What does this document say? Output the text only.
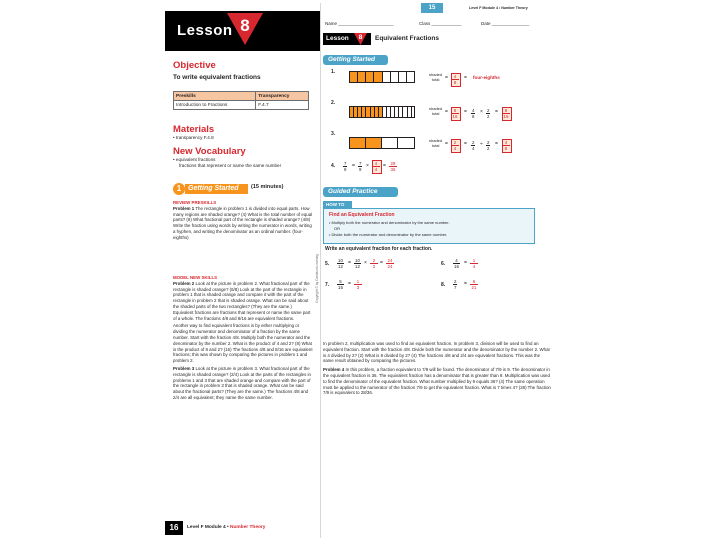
Lesson 8
Objective
To write equivalent fractions
Preskills	Transparency
Introduction to Fractions	F.4.7
Materials
• transparency F.4.8
New Vocabulary
• equivalent fractions
fractions that represent or name the same number
1 Getting Started	(15 minutes)
REVIEW PRESKILLS
Problem 1 The rectangle in problem 1 is divided into equal parts. How many regions are shaded orange? (4) What is the total number of equal parts? (8) What fractional part of the rectangle is shaded orange? (4/8) Write the fraction using words by writing the numerator in words, writing a hyphen, and writing the denominator as an ordinal number. (four-eighths)
MODEL NEW SKILLS
Problem 2 Look at the picture in problem 2. What fractional part of the rectangle is shaded orange? (6/8) Look at the part of the rectangle in problem 1 that is shaded orange and compare it with the part of the rectangle in problem 2 that is shaded orange. What can be said about the shaded parts of the two rectangles? (They are the same.) Equivalent fractions are fractions that represent or name the same part of a whole. The fractions 4/8 and 8/16 are equivalent fractions.
Another way to find equivalent fractions is by either multiplying or dividing the numerator and denominator of a fraction by the same number. Start with the fraction 4/8. Multiply both the numerator and the denominator by the number 2. What is the product of 4 and 2? (8) What is the product of 8 and 2? (16) The fractions 4/8 and 8/16 are equivalent fractions; this was shown by comparing the pictures in problem 1 and problem 2.
Problem 3 Look at the picture in problem 3. What fractional part of the rectangle is shaded orange? (2/4) Look at the parts of the rectangles in problems 1 and 3 that are shaded orange and compare with the part of the rectangle in problem 3 that is shaded orange. What can be said about the fractional parts? (They are the same.) The fractions 4/8 and 2/4 are all equivalent; they name the same number.
16	Level F Module 4 • Number Theory
15	Level F Module 4 • Number Theory
Name ______________________	Class ____________	Date _______________
Lesson	8	Equivalent Fractions
Getting Started
1.	shaded
total	= $\frac{4}{8}$ = four-eighths
2.
shaded
total	= $\frac{8}{16} = \frac{4}{8} \times \frac{2}{2} = \frac{8}{16}$
3.
shaded
total	= $\frac{2}{4} = \frac{2}{4} \div \frac{2}{2} = \frac{4}{8}$
4. $\frac{7}{9} = \frac{7}{9} \times \frac{4}{4} = \frac{28}{36}$
Guided Practice
HOW TO
Find an Equivalent Fraction
• Multiply both the numerator and denominator by the same number.
OR
• Divide both the numerator and denominator by the same number.
Write an equivalent fraction for each fraction.
5. $\frac{10}{12} = \frac{10}{12} \times \frac{2}{2} = \frac{24}{24}$	6. $\frac{4}{16} = \frac{1}{4}$
7. $\frac{5}{15} = \frac{1}{3}$	8. $\frac{2}{7} = \frac{6}{21}$
Copyright © by Cambium Learning
In problem 2, multiplication was used to find an equivalent fraction. In problem 3, division will be used to find an equivalent fraction. Start with the fraction 4/8. Divide both the numerator and the denominator by the number 2. What is 4 divided by 2? (2) What is 8 divided by 2? (4) The fractions 4/8 and 2/4 are equivalent fractions. This was the same result obtained by comparing the pictures.
Problem 4 In this problem, a fraction equivalent to 7/9 will be found. The denominator of 7/9 is 9. The denominator in the equivalent fraction is 36. The equivalent fraction has a denominator that is greater than 9. Multiplication was used to find the denominator of the equivalent fraction. What number multiplied by 9 equals 36? (4) The same operation must be applied to the numerator of the fraction 7/9 to get the equivalent fraction. What is 7 times 4? (28) The fraction 7/9 is equivalent to 28/36.
